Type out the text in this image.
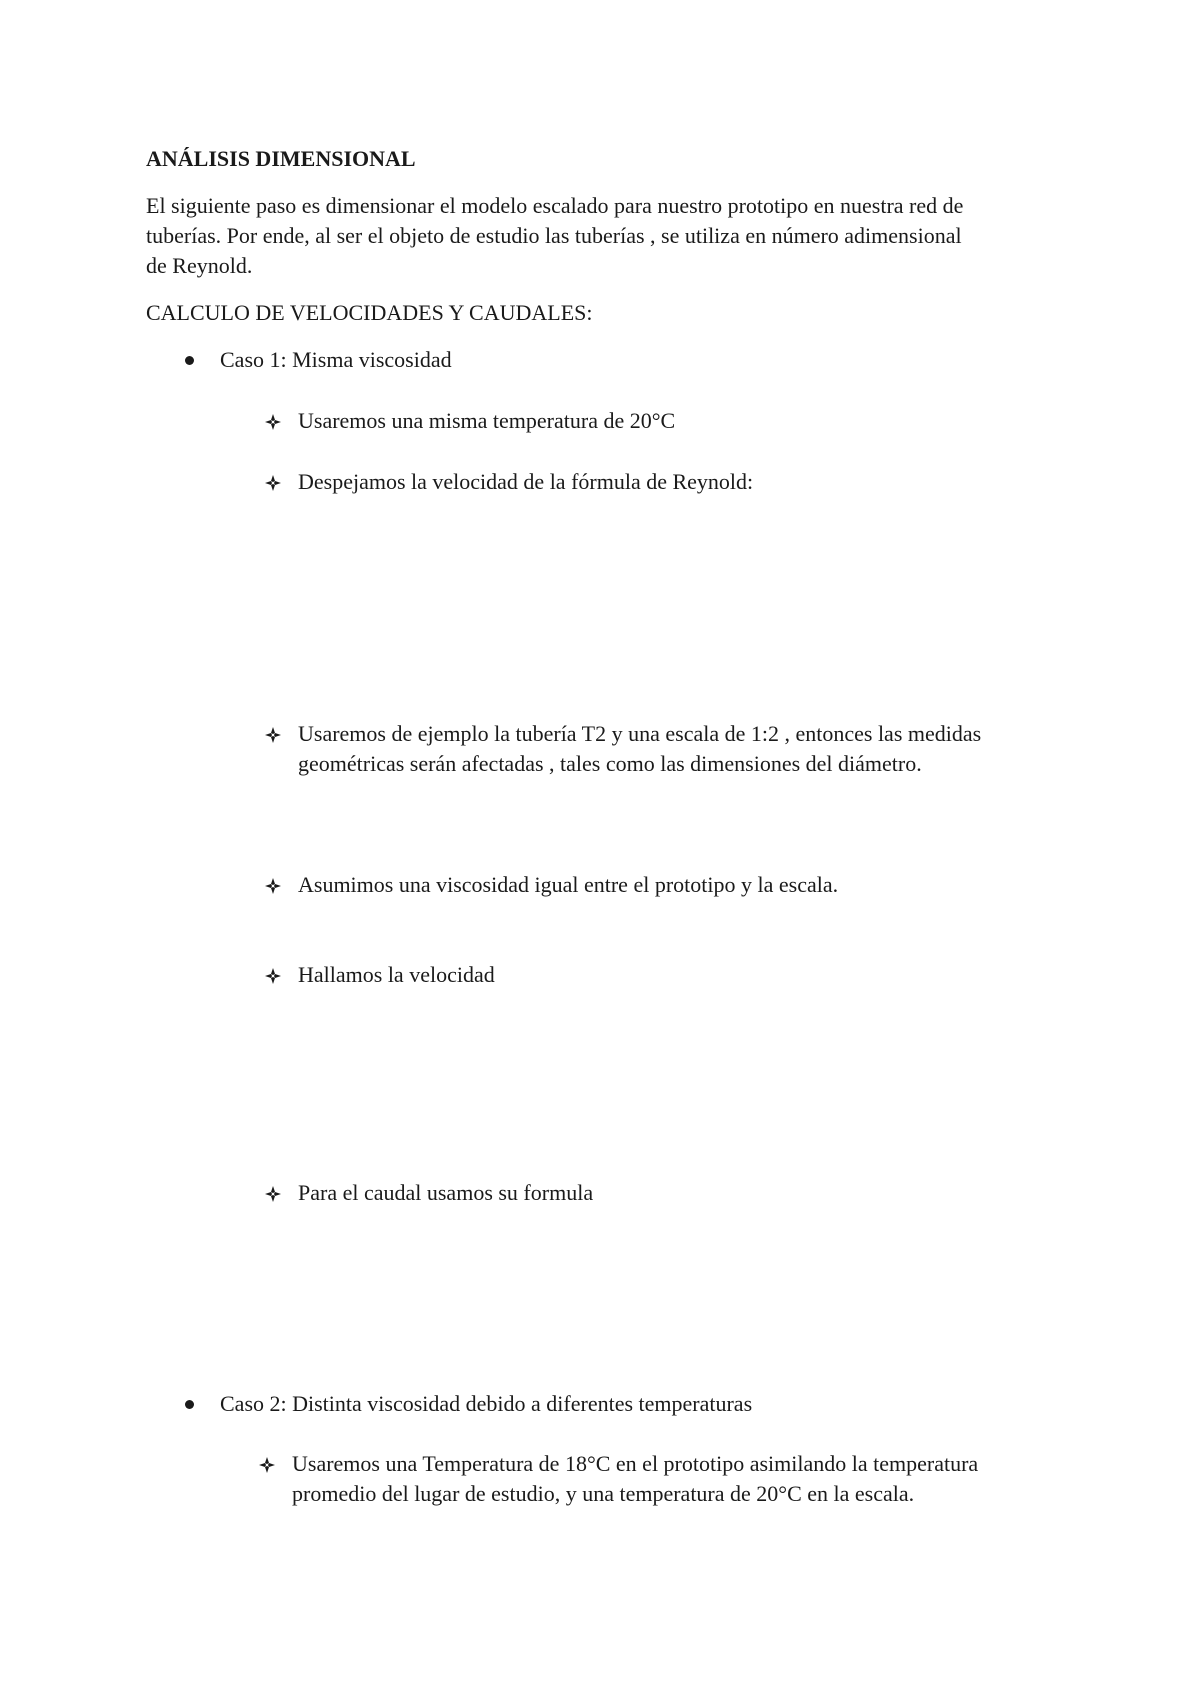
ANÁLISIS DIMENSIONAL
El siguiente paso es dimensionar el modelo escalado para nuestro prototipo en nuestra red de
tuberías. Por ende, al ser el objeto de estudio las tuberías , se utiliza en número adimensional
de Reynold.
CALCULO DE VELOCIDADES Y CAUDALES:
Caso 1: Misma viscosidad
Usaremos una misma temperatura de 20°C
Despejamos la velocidad de la fórmula de Reynold:
Usaremos de ejemplo la tubería T2 y una escala de 1:2 , entonces las medidas
geométricas serán afectadas , tales como las dimensiones del diámetro.
Asumimos una viscosidad igual entre el prototipo y la escala.
Hallamos la velocidad
Para el caudal usamos su formula
Caso 2: Distinta viscosidad debido a diferentes temperaturas
Usaremos una Temperatura de 18°C en el prototipo asimilando la temperatura
promedio del lugar de estudio, y una temperatura de 20°C en la escala.
